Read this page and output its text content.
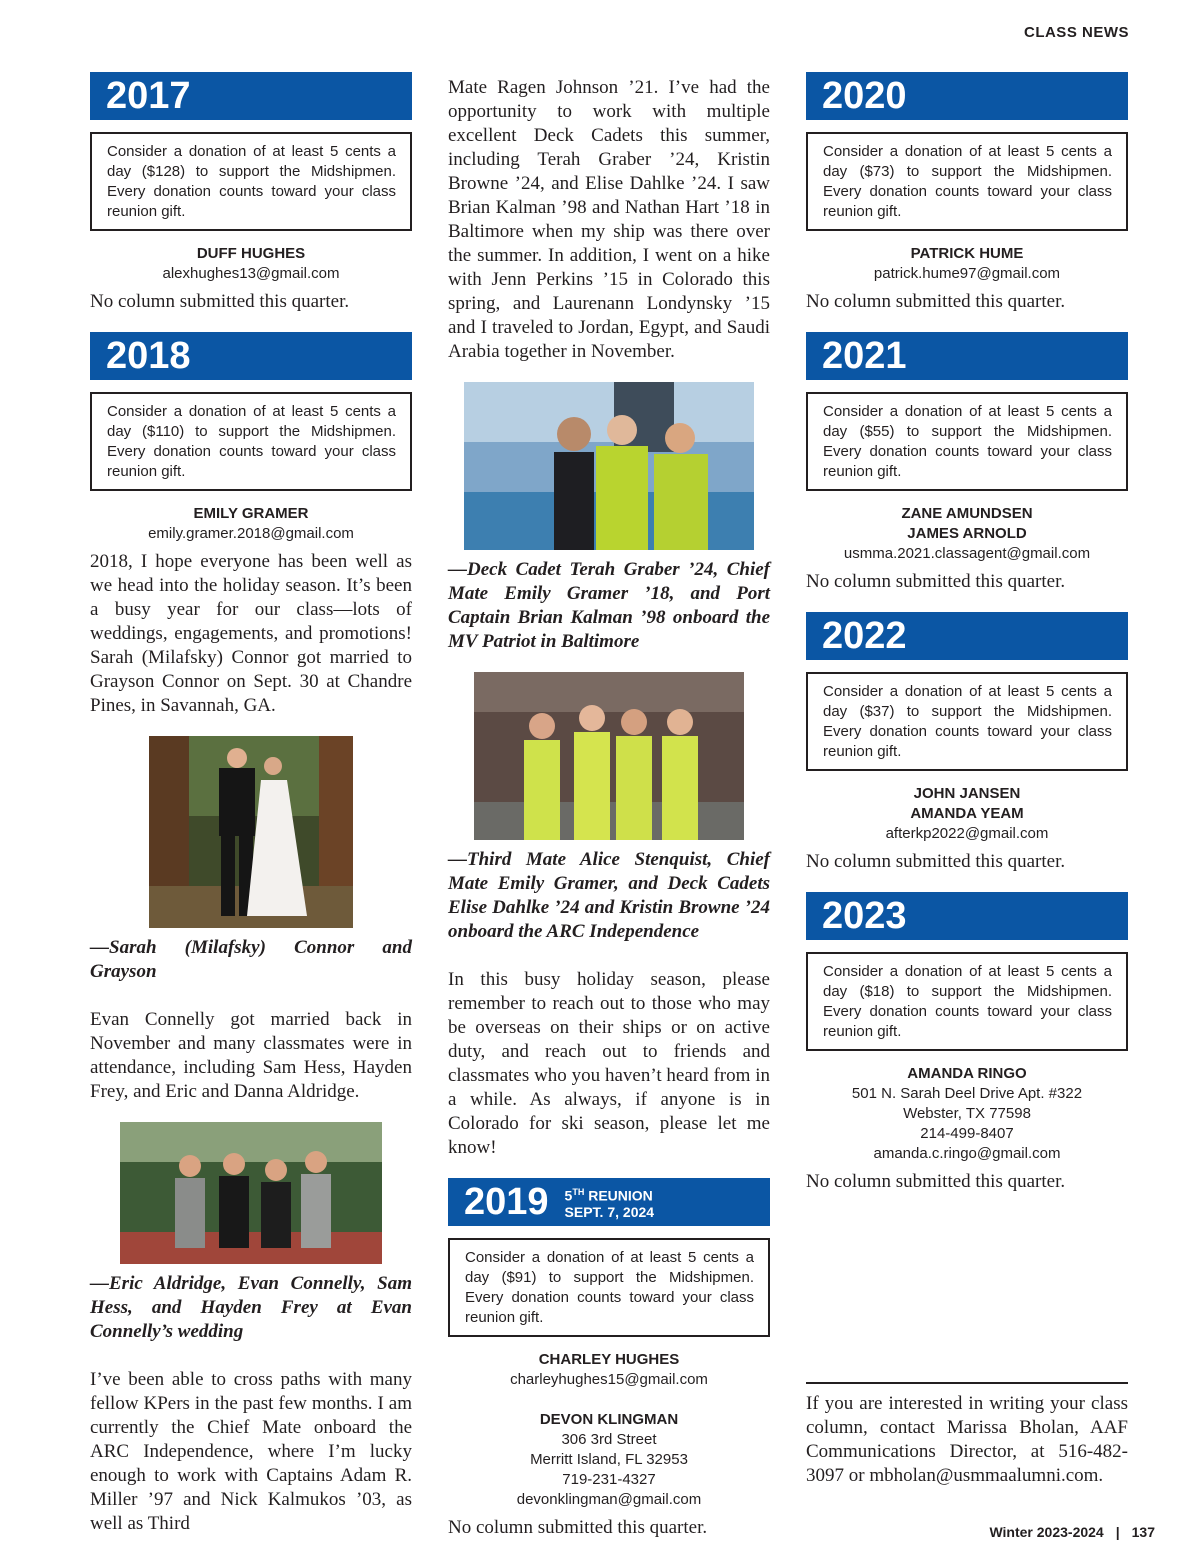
CLASS NEWS
2017
Consider a donation of at least 5 cents a day ($128) to support the Midshipmen. Every donation counts toward your class reunion gift.
DUFF HUGHES
alexhughes13@gmail.com
No column submitted this quarter.
2018
Consider a donation of at least 5 cents a day ($110) to support the Midshipmen. Every donation counts toward your class reunion gift.
EMILY GRAMER
emily.gramer.2018@gmail.com

2018, I hope everyone has been well as we head into the holiday season. It’s been a busy year for our class—lots of weddings, engagements, and promotions! Sarah (Milafsky) Connor got married to Grayson Connor on Sept. 30 at Chandre Pines, in Savannah, GA.

—Sarah (Milafsky) Connor and Grayson

Evan Connelly got married back in November and many classmates were in attendance, including Sam Hess, Hayden Frey, and Eric and Danna Aldridge.

—Eric Aldridge, Evan Connelly, Sam Hess, and Hayden Frey at Evan Connelly’s wedding

I’ve been able to cross paths with many fellow KPers in the past few months. I am currently the Chief Mate onboard the ARC Independence, where I’m lucky enough to work with Captains Adam R. Miller ’97 and Nick Kalmukos ’03, as well as Third

Mate Ragen Johnson ’21. I’ve had the opportunity to work with multiple excellent Deck Cadets this summer, including Terah Graber ’24, Kristin Browne ’24, and Elise Dahlke ’24. I saw Brian Kalman ’98 and Nathan Hart ’18 in Baltimore when my ship was there over the summer. In addition, I went on a hike with Jenn Perkins ’15 in Colorado this spring, and Laurenann Londynsky ’15 and I traveled to Jordan, Egypt, and Saudi Arabia together in November.

—Deck Cadet Terah Graber ’24, Chief Mate Emily Gramer ’18, and Port Captain Brian Kalman ’98 onboard the MV Patriot in Baltimore

—Third Mate Alice Stenquist, Chief Mate Emily Gramer, and Deck Cadets Elise Dahlke ’24 and Kristin Browne ’24 onboard the ARC Independence

In this busy holiday season, please remember to reach out to those who may be overseas on their ships or on active duty, and reach out to friends and classmates who you haven’t heard from in a while. As always, if anyone is in Colorado for ski season, please let me know!

2019 5TH REUNION
SEPT. 7, 2024
Consider a donation of at least 5 cents a day ($91) to support the Midshipmen. Every donation counts toward your class reunion gift.
CHARLEY HUGHES
charleyhughes15@gmail.com
DEVON KLINGMAN
306 3rd Street
Merritt Island, FL 32953
719-231-4327
devonklingman@gmail.com
No column submitted this quarter.
2020
Consider a donation of at least 5 cents a day ($73) to support the Midshipmen. Every donation counts toward your class reunion gift.
PATRICK HUME
patrick.hume97@gmail.com
No column submitted this quarter.
2021
Consider a donation of at least 5 cents a day ($55) to support the Midshipmen. Every donation counts toward your class reunion gift.
ZANE AMUNDSEN
JAMES ARNOLD
usmma.2021.classagent@gmail.com
No column submitted this quarter.
2022
Consider a donation of at least 5 cents a day ($37) to support the Midshipmen. Every donation counts toward your class reunion gift.
JOHN JANSEN
AMANDA YEAM
afterkp2022@gmail.com
No column submitted this quarter.
2023
Consider a donation of at least 5 cents a day ($18) to support the Midshipmen. Every donation counts toward your class reunion gift.
AMANDA RINGO
501 N. Sarah Deel Drive Apt. #322
Webster, TX 77598
214-499-8407
amanda.c.ringo@gmail.com
No column submitted this quarter.

If you are interested in writing your class column, contact Marissa Bholan, AAF Communications Director, at 516-482-3097 or mbholan@usmmaalumni.com.

Winter 2023-2024 | 137
